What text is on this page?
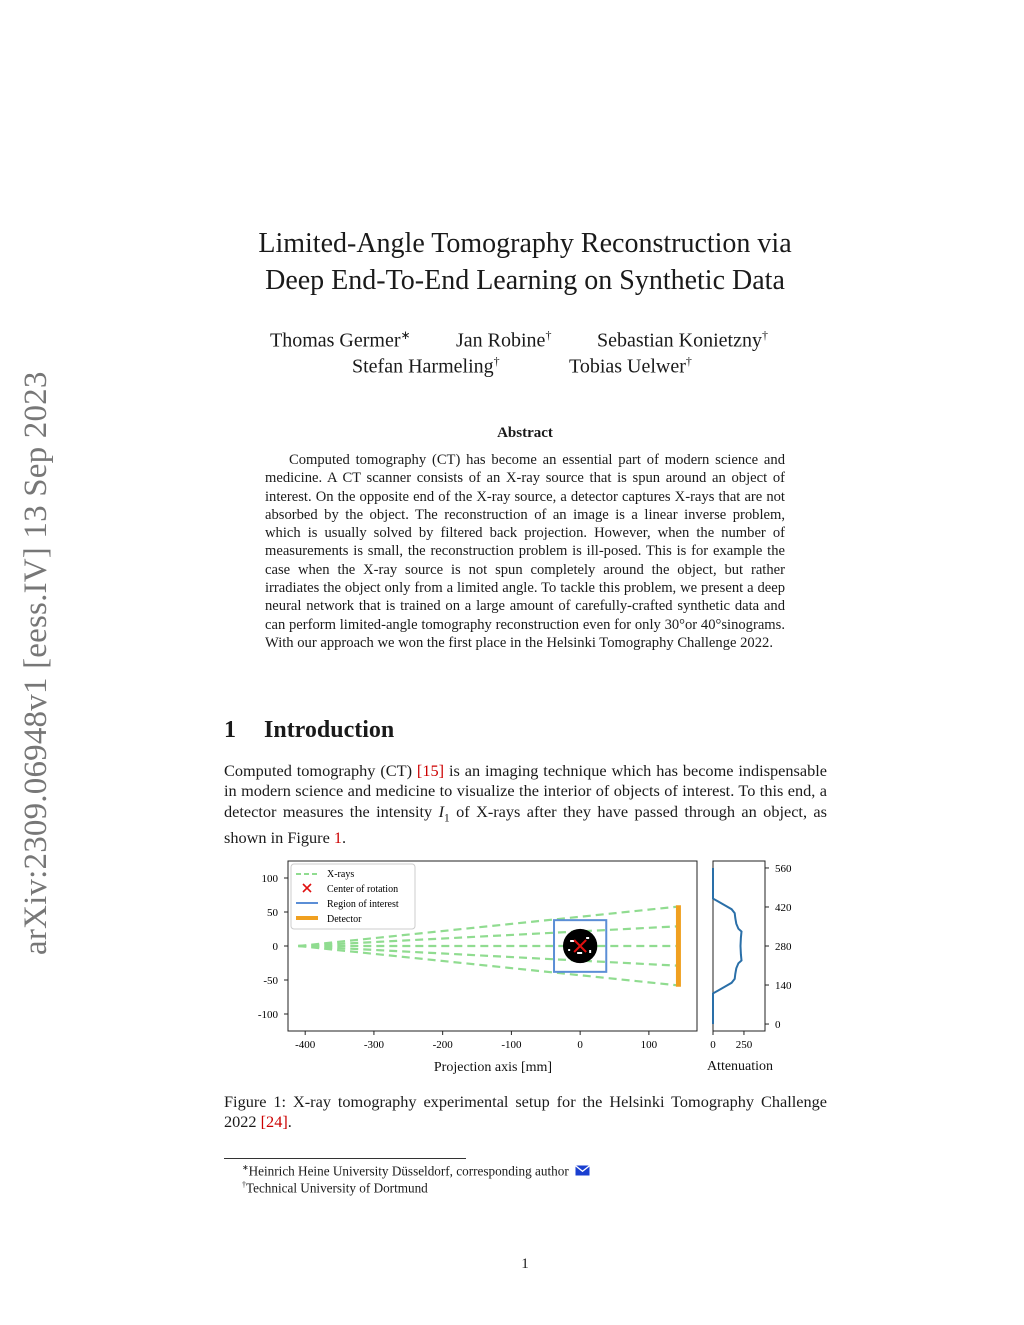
arXiv:2309.06948v1 [eess.IV] 13 Sep 2023
Limited-Angle Tomography Reconstruction via
Deep End-To-End Learning on Synthetic Data
Thomas Germer∗ Jan Robine† Sebastian Konietzny†
Stefan Harmeling†	Tobias Uelwer†
Abstract
Computed tomography (CT) has become an essential part of modern science and medicine. A CT scanner consists of an X-ray source that is spun around an object of interest. On the opposite end of the X-ray source, a detector captures X-rays that are not absorbed by the object. The reconstruction of an image is a linear inverse problem, which is usually solved by filtered back projection. However, when the number of measurements is small, the reconstruction problem is ill-posed. This is for example the case when the X-ray source is not spun completely around the object, but rather irradiates the object only from a limited angle. To tackle this problem, we present a deep neural network that is trained on a large amount of carefully-crafted synthetic data and can perform limited-angle tomography reconstruction even for only 30°or 40°sinograms. With our approach we won the first place in the Helsinki Tomography Challenge 2022.
1 Introduction
Computed tomography (CT) [15] is an imaging technique which has become indispensable in modern science and medicine to visualize the interior of objects of interest. To this end, a detector measures the intensity $I_1$ of X-rays after they have passed through an object, as shown in Figure 1.
-400	-300	-200	-100	0	100
100
50
0
-50
-100
Projection axis [mm]
X-rays
Center of rotation
Region of interest
Detector
0 250
0
140
280
420
560
Attenuation
Figure 1: X-ray tomography experimental setup for the Helsinki Tomography Challenge 2022 [24].
∗Heinrich Heine University Düsseldorf, corresponding author
†Technical University of Dortmund
1
